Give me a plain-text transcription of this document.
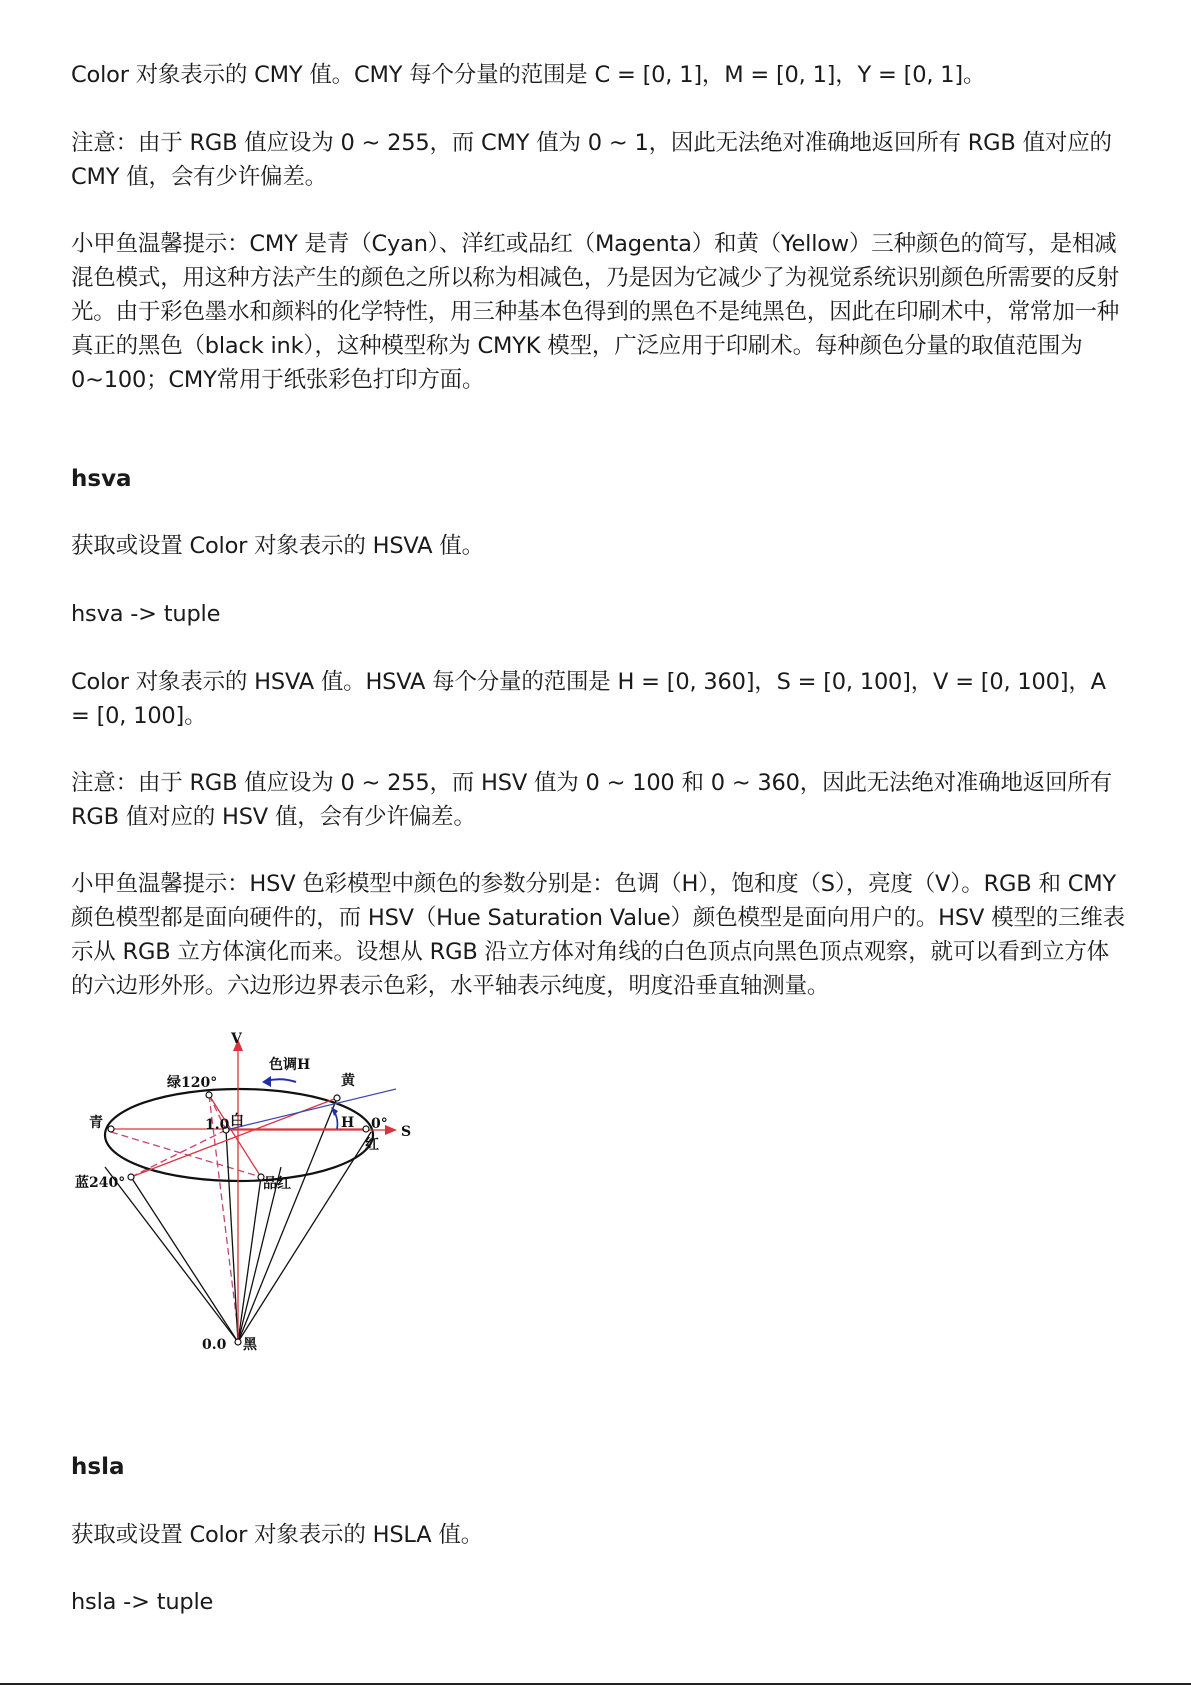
Color 对象表示的 CMY 值。CMY 每个分量的范围是 C = [0, 1]，M = [0, 1]，Y = [0, 1]。

注意：由于 RGB 值应设为 0 ~ 255，而 CMY 值为 0 ~ 1，因此无法绝对准确地返回所有 RGB 值对应的 CMY 值，会有少许偏差。

小甲鱼温馨提示：CMY 是青（Cyan）、洋红或品红（Magenta）和黄（Yellow）三种颜色的简写，是相减混色模式，用这种方法产生的颜色之所以称为相减色，乃是因为它减少了为视觉系统识别颜色所需要的反射光。由于彩色墨水和颜料的化学特性，用三种基本色得到的黑色不是纯黑色，因此在印刷术中，常常加一种真正的黑色（black ink），这种模型称为 CMYK 模型，广泛应用于印刷术。每种颜色分量的取值范围为0~100；CMY常用于纸张彩色打印方面。

hsva

获取或设置 Color 对象表示的 HSVA 值。

hsva -> tuple

Color 对象表示的 HSVA 值。HSVA 每个分量的范围是 H = [0, 360]，S = [0, 100]，V = [0, 100]，A = [0, 100]。

注意：由于 RGB 值应设为 0 ~ 255，而 HSV 值为 0 ~ 100 和 0 ~ 360，因此无法绝对准确地返回所有 RGB 值对应的 HSV 值，会有少许偏差。

小甲鱼温馨提示：HSV 色彩模型中颜色的参数分别是：色调（H），饱和度（S），亮度（V）。RGB 和 CMY 颜色模型都是面向硬件的，而 HSV（Hue Saturation Value）颜色模型是面向用户的。HSV 模型的三维表示从 RGB 立方体演化而来。设想从 RGB 沿立方体对角线的白色顶点向黑色顶点观察，就可以看到立方体的六边形外形。六边形边界表示色彩，水平轴表示纯度，明度沿垂直轴测量。

V
S
色调H
绿120°	黄
青	1.0 白	H 0°
红
蓝240°	品红
0.0 黑
hsla

获取或设置 Color 对象表示的 HSLA 值。

hsla -> tuple
